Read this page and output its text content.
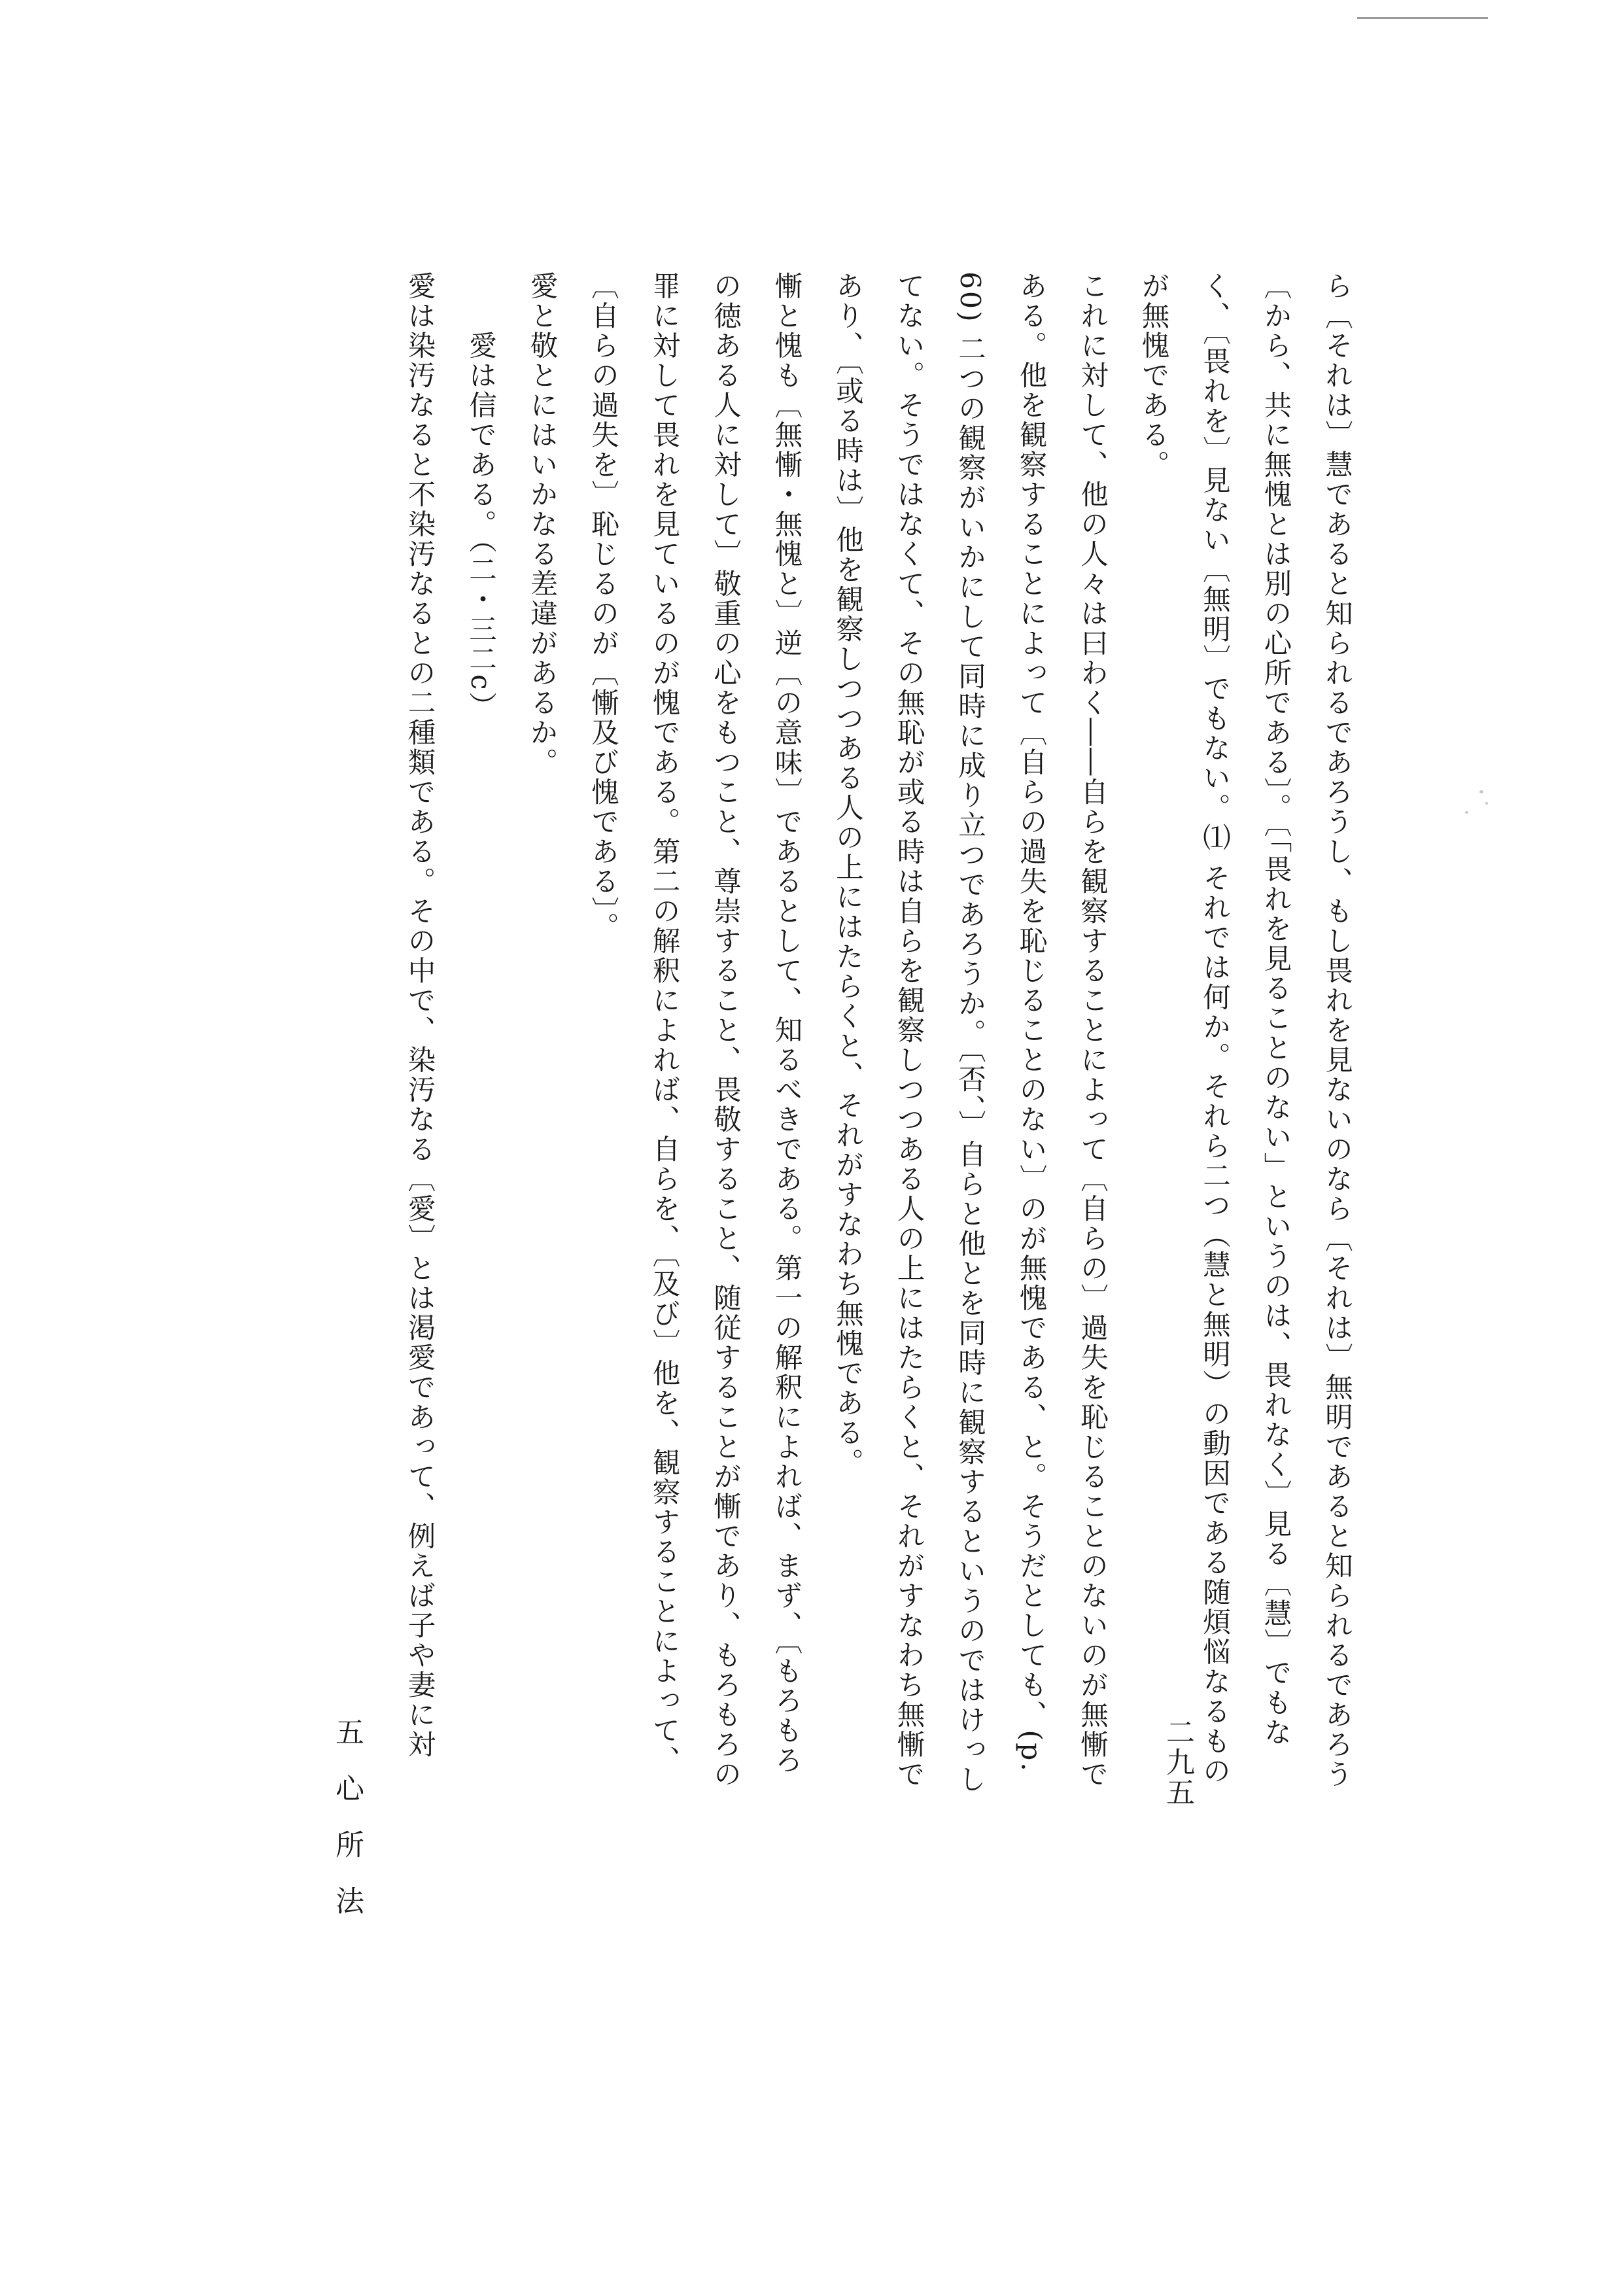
ら〔それは〕慧であると知られるであろうし、もし畏れを見ないのなら〔それは〕無明であると知られるであろう〔から、共に無愧とは別の心所である〕。〔「畏れを見ることのない」というのは、畏れなく〕見る〔慧〕でもなく、〔畏れを〕見ない〔無明〕でもない。⑴ それでは何か。それら二つ（慧と無明）の動因である随煩悩なるものが無愧である。

これに対して、他の人々は曰わく――自らを観察することによって〔自らの〕過失を恥じることのないのが無慚である。他を観察することによって〔自らの過失を恥じることのない〕のが無愧である、と。そうだとしても、(p. 60) 二つの観察がいかにして同時に成り立つであろうか。〔否、〕自らと他とを同時に観察するというのではけっしてない。そうではなくて、その無恥が或る時は自らを観察しつつある人の上にはたらくと、それがすなわち無慚であり、〔或る時は〕他を観察しつつある人の上にはたらくと、それがすなわち無愧である。

慚と愧も〔無慚・無愧と〕逆〔の意味〕であるとして、知るべきである。第一の解釈によれば、まず、〔もろもろの徳ある人に対して〕敬重の心をもつこと、尊崇すること、畏敬すること、随従することが慚であり、もろもろの罪に対して畏れを見ているのが愧である。第二の解釈によれば、自らを、〔及び〕他を、観察することによって、〔自らの過失を〕恥じるのが〔慚及び愧である〕。

愛と敬とにはいかなる差違があるか。

　　愛は信である。（二・三二c）

愛は染汚なると不染汚なるとの二種類である。その中で、染汚なる〔愛〕とは渇愛であって、例えば子や妻に対

五心所法	二九五
